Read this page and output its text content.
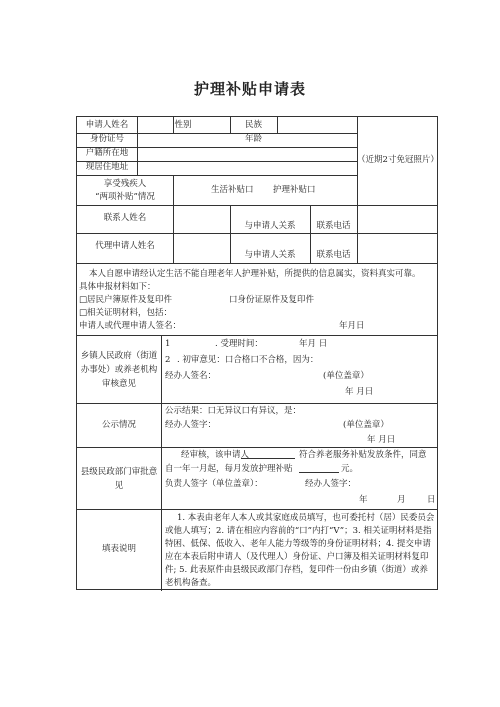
护理补贴申请表
申请人姓名	性别	民族
身份证号	年龄
户籍所在地
现居住地址
（近期2寸免冠照片）
享受残疾人
“两项补贴”情况
生活补贴口 护理补贴口
联系人姓名
与申请人关系	联系电话
代理申请人姓名
与申请人关系	联系电话
本人自愿申请经认定生活不能自理老年人护理补贴，所提供的信息属实，资料真实可靠。
具体申报材料如下：
□居民户簿原件及复印件	口身份证原件及复印件
□相关证明材料，包括：
申请人或代理申请人签名：	年月日
乡镇人民政府（街道办事处）或养老机构审核意见
1	. 受理时间：	年月 日
2 . 初审意见：口合格口不合格，因为：
经办人签名：	(单位盖章）
年 月日
公示情况
公示结果：口无异议口有异议，是：
经办人签字：	(单位盖章）
年 月日
县级民政部门审批意见
经审核，该申请人	符合养老服务补贴发放条件，同意
自一年一月起，每月发放护理补贴	元。
负责人签字（单位盖章）：	经办人签字：
年	月	日
填表说明
1. 本表由老年人本人或其家庭成员填写，也可委托村（居）民委员会或他人填写；2. 请在相应内容前的“口”内打“V”；3. 相关证明材料是指特困、低保、低收入、老年人能力等级等的身份证明材料；4. 提交申请应在本表后附申请人（及代理人）身份证、户口簿及相关证明材料复印件; 5. 此表原件由县级民政部门存档，复印件一份由乡镇（街道）或养老机构备查。
